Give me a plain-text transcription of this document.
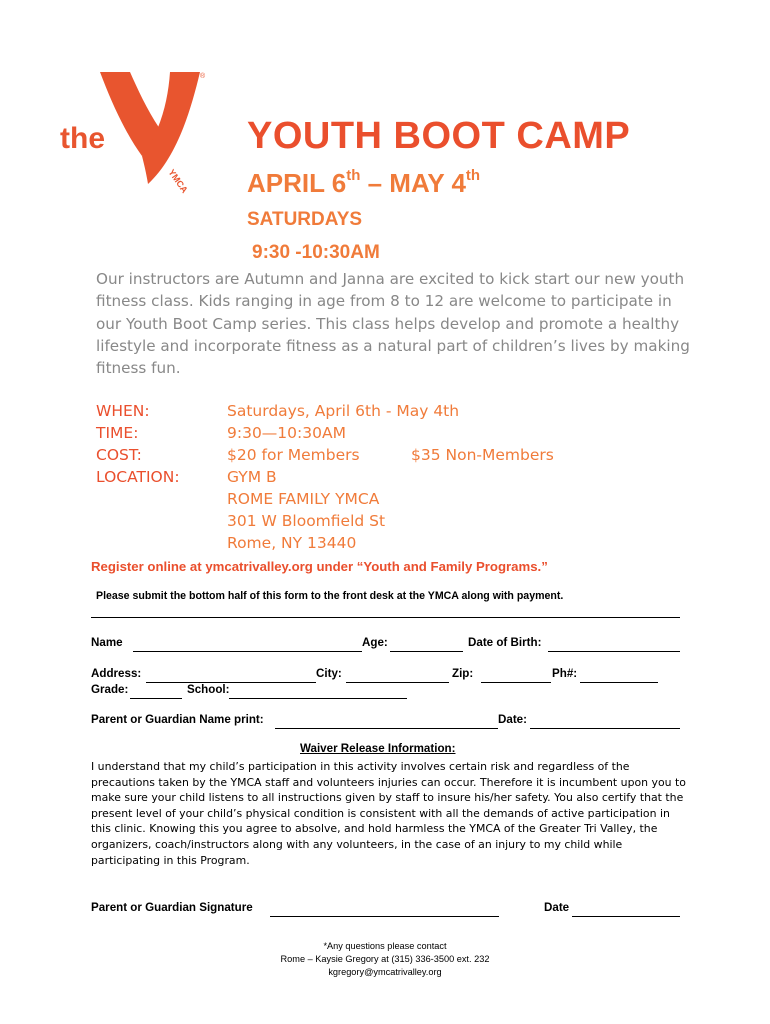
the
YMCA
®
YOUTH BOOT CAMP
APRIL 6th – MAY 4th
SATURDAYS
9:30 -10:30AM
Our instructors are Autumn and Janna are excited to kick start our new youth fitness class. Kids ranging in age from 8 to 12 are welcome to participate in our Youth Boot Camp series. This class helps develop and promote a healthy lifestyle and incorporate fitness as a natural part of children’s lives by making fitness fun.
WHEN:	Saturdays, April 6th - May 4th
TIME:	9:30—10:30AM
COST:	$20 for Members	$35 Non-Members
LOCATION:	GYM B
ROME FAMILY YMCA
301 W Bloomfield St
Rome, NY 13440
Register online at ymcatrivalley.org under “Youth and Family Programs.”
Please submit the bottom half of this form to the front desk at the YMCA along with payment.
Name	Age:	Date of Birth:
Address:	City:	Zip:	Ph#:
Grade:	School:
Parent or Guardian Name print:	Date:
Waiver Release Information:
I understand that my child’s participation in this activity involves certain risk and regardless of the precautions taken by the YMCA staff and volunteers injuries can occur. Therefore it is incumbent upon you to make sure your child listens to all instructions given by staff to insure his/her safety. You also certify that the present level of your child’s physical condition is consistent with all the demands of active participation in this clinic. Knowing this you agree to absolve, and hold harmless the YMCA of the Greater Tri Valley, the organizers, coach/instructors along with any volunteers, in the case of an injury to my child while participating in this Program.
Parent or Guardian Signature	Date
*Any questions please contact
Rome – Kaysie Gregory at (315) 336-3500 ext. 232
kgregory@ymcatrivalley.org
